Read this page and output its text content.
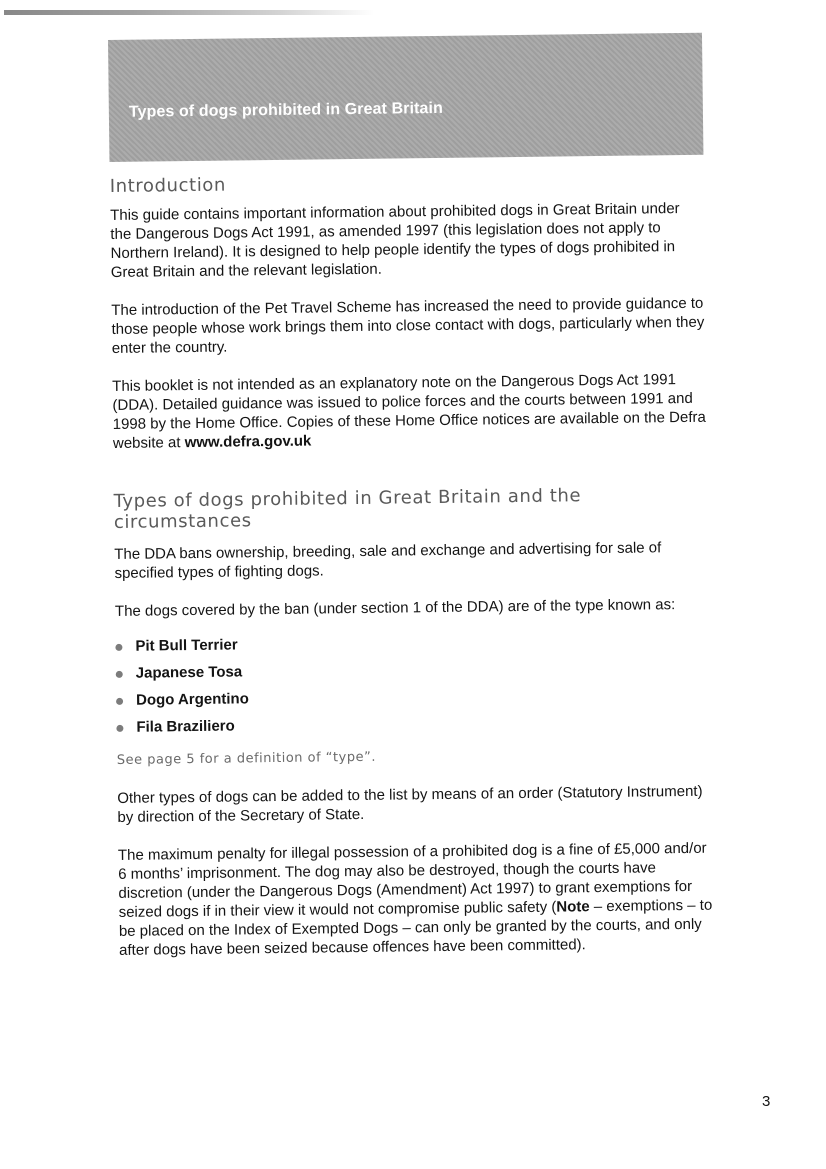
Types of dogs prohibited in Great Britain
Introduction

This guide contains important information about prohibited dogs in Great Britain under the Dangerous Dogs Act 1991, as amended 1997 (this legislation does not apply to Northern Ireland). It is designed to help people identify the types of dogs prohibited in Great Britain and the relevant legislation.

The introduction of the Pet Travel Scheme has increased the need to provide guidance to those people whose work brings them into close contact with dogs, particularly when they enter the country.

This booklet is not intended as an explanatory note on the Dangerous Dogs Act 1991 (DDA). Detailed guidance was issued to police forces and the courts between 1991 and 1998 by the Home Office. Copies of these Home Office notices are available on the Defra website at www.defra.gov.uk

Types of dogs prohibited in Great Britain and the circumstances

The DDA bans ownership, breeding, sale and exchange and advertising for sale of specified types of fighting dogs.

The dogs covered by the ban (under section 1 of the DDA) are of the type known as:

Pit Bull Terrier
Japanese Tosa
Dogo Argentino
Fila Braziliero

See page 5 for a definition of “type”.

Other types of dogs can be added to the list by means of an order (Statutory Instrument) by direction of the Secretary of State.

The maximum penalty for illegal possession of a prohibited dog is a fine of £5,000 and/or 6 months’ imprisonment. The dog may also be destroyed, though the courts have discretion (under the Dangerous Dogs (Amendment) Act 1997) to grant exemptions for seized dogs if in their view it would not compromise public safety (Note – exemptions – to be placed on the Index of Exempted Dogs – can only be granted by the courts, and only after dogs have been seized because offences have been committed).

3
